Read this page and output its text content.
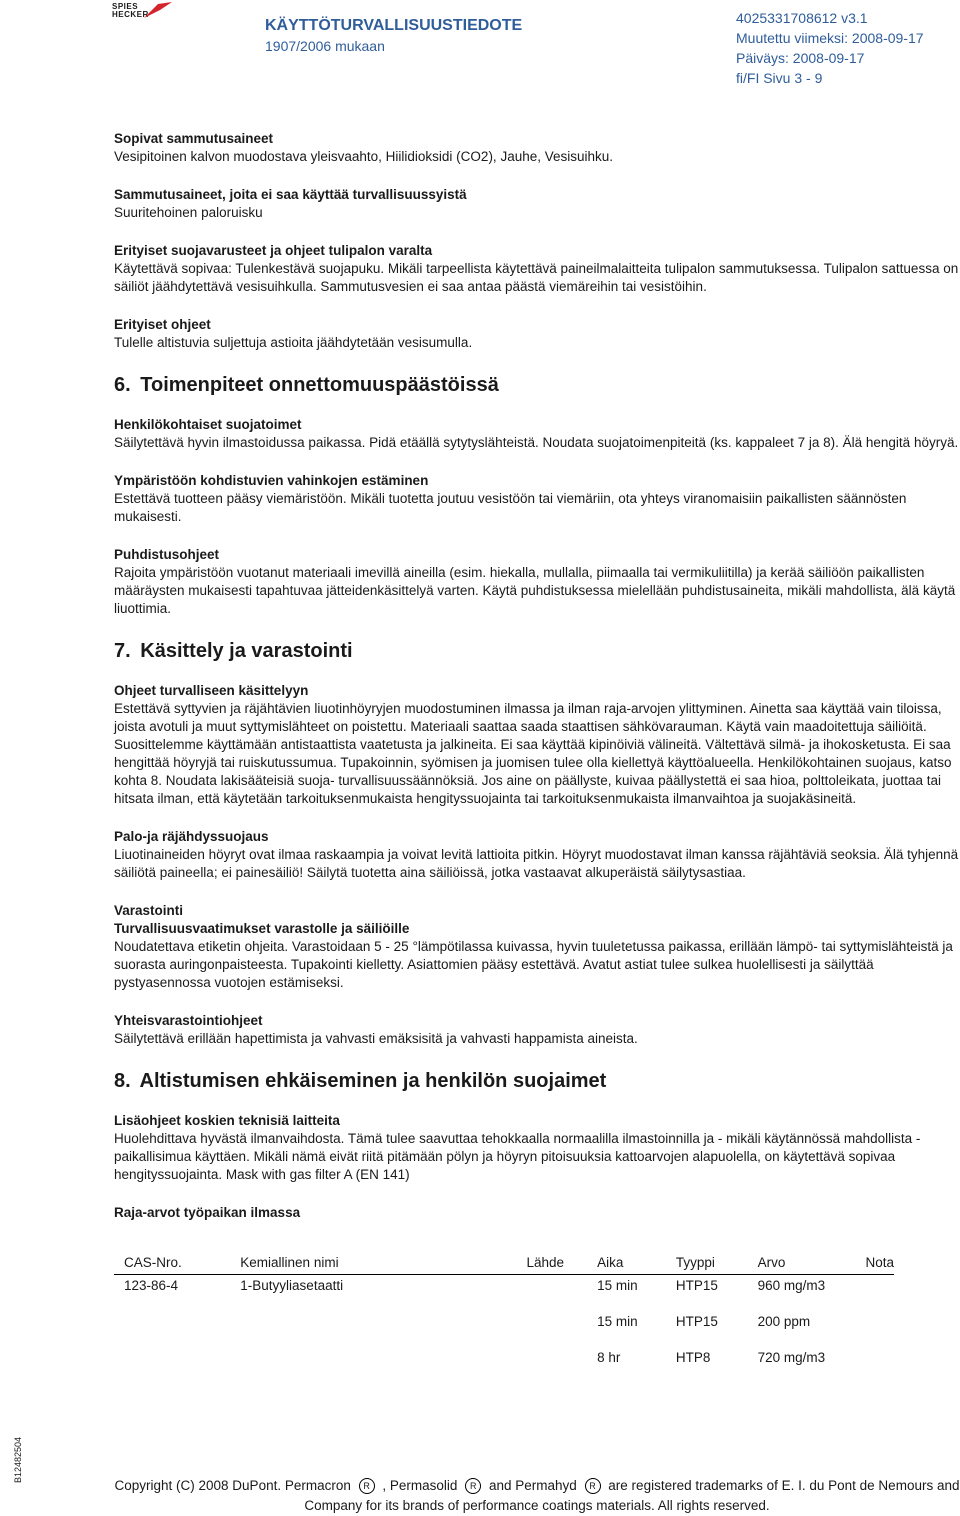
SPIES
HECKER
KÄYTTÖTURVALLISUUSTIEDOTE
1907/2006 mukaan
4025331708612 v3.1
Muutettu viimeksi: 2008-09-17
Päiväys: 2008-09-17
fi/FI Sivu 3 - 9
Sopivat sammutusaineet
Vesipitoinen kalvon muodostava yleisvaahto, Hiilidioksidi (CO2), Jauhe, Vesisuihku.
Sammutusaineet, joita ei saa käyttää turvallisuussyistä
Suuritehoinen paloruisku
Erityiset suojavarusteet ja ohjeet tulipalon varalta
Käytettävä sopivaa: Tulenkestävä suojapuku. Mikäli tarpeellista käytettävä paineilmalaitteita tulipalon sammutuksessa. Tulipalon sattuessa on säiliöt jäähdytettävä vesisuihkulla. Sammutusvesien ei saa antaa päästä viemäreihin tai vesistöihin.
Erityiset ohjeet
Tulelle altistuvia suljettuja astioita jäähdytetään vesisumulla.
6. Toimenpiteet onnettomuuspäästöissä
Henkilökohtaiset suojatoimet
Säilytettävä hyvin ilmastoidussa paikassa. Pidä etäällä sytytyslähteistä. Noudata suojatoimenpiteitä (ks. kappaleet 7 ja 8). Älä hengitä höyryä.
Ympäristöön kohdistuvien vahinkojen estäminen
Estettävä tuotteen pääsy viemäristöön. Mikäli tuotetta joutuu vesistöön tai viemäriin, ota yhteys viranomaisiin paikallisten säännösten mukaisesti.
Puhdistusohjeet
Rajoita ympäristöön vuotanut materiaali imevillä aineilla (esim. hiekalla, mullalla, piimaalla tai vermikuliitilla) ja kerää säiliöön paikallisten määräysten mukaisesti tapahtuvaa jätteidenkäsittelyä varten. Käytä puhdistuksessa mielellään puhdistusaineita, mikäli mahdollista, älä käytä liuottimia.
7. Käsittely ja varastointi
Ohjeet turvalliseen käsittelyyn
Estettävä syttyvien ja räjähtävien liuotinhöyryjen muodostuminen ilmassa ja ilman raja-arvojen ylittyminen. Ainetta saa käyttää vain tiloissa, joista avotuli ja muut syttymislähteet on poistettu. Materiaali saattaa saada staattisen sähkövarauman. Käytä vain maadoitettuja säiliöitä. Suosittelemme käyttämään antistaattista vaatetusta ja jalkineita. Ei saa käyttää kipinöiviä välineitä. Vältettävä silmä- ja ihokosketusta. Ei saa hengittää höyryjä tai ruiskutussumua. Tupakoinnin, syömisen ja juomisen tulee olla kiellettyä käyttöalueella. Henkilökohtainen suojaus, katso kohta 8. Noudata lakisääteisiä suoja- turvallisuussäännöksiä. Jos aine on päällyste, kuivaa päällystettä ei saa hioa, polttoleikata, juottaa tai hitsata ilman, että käytetään tarkoituksenmukaista hengityssuojainta tai tarkoituksenmukaista ilmanvaihtoa ja suojakäsineitä.
Palo-ja räjähdyssuojaus
Liuotinaineiden höyryt ovat ilmaa raskaampia ja voivat levitä lattioita pitkin. Höyryt muodostavat ilman kanssa räjähtäviä seoksia. Älä tyhjennä säiliötä paineella; ei painesäiliö! Säilytä tuotetta aina säiliöissä, jotka vastaavat alkuperäistä säilytysastiaa.
Varastointi
Turvallisuusvaatimukset varastolle ja säiliöille
Noudatettava etiketin ohjeita. Varastoidaan 5 - 25 °lämpötilassa kuivassa, hyvin tuuletetussa paikassa, erillään lämpö- tai syttymislähteistä ja suorasta auringonpaisteesta. Tupakointi kielletty. Asiattomien pääsy estettävä. Avatut astiat tulee sulkea huolellisesti ja säilyttää pystyasennossa vuotojen estämiseksi.
Yhteisvarastointiohjeet
Säilytettävä erillään hapettimista ja vahvasti emäksisitä ja vahvasti happamista aineista.
8. Altistumisen ehkäiseminen ja henkilön suojaimet
Lisäohjeet koskien teknisiä laitteita
Huolehdittava hyvästä ilmanvaihdosta. Tämä tulee saavuttaa tehokkaalla normaalilla ilmastoinnilla ja - mikäli käytännössä mahdollista - paikallisimua käyttäen. Mikäli nämä eivät riitä pitämään pölyn ja höyryn pitoisuuksia kattoarvojen alapuolella, on käytettävä sopivaa hengityssuojainta. Mask with gas filter A (EN 141)
Raja-arvot työpaikan ilmassa
CAS-Nro.	Kemiallinen nimi	Lähde	Aika	Tyyppi	Arvo	Nota
123-86-4	1-Butyyliasetaatti		15 min	HTP15	960 mg/m3	
			15 min	HTP15	200 ppm	
			8 hr	HTP8	720 mg/m3	
B12482504
Copyright (C) 2008 DuPont. Permacron R , Permasolid R and Permahyd R are registered trademarks of E. I. du Pont de Nemours and
Company for its brands of performance coatings materials. All rights reserved.
